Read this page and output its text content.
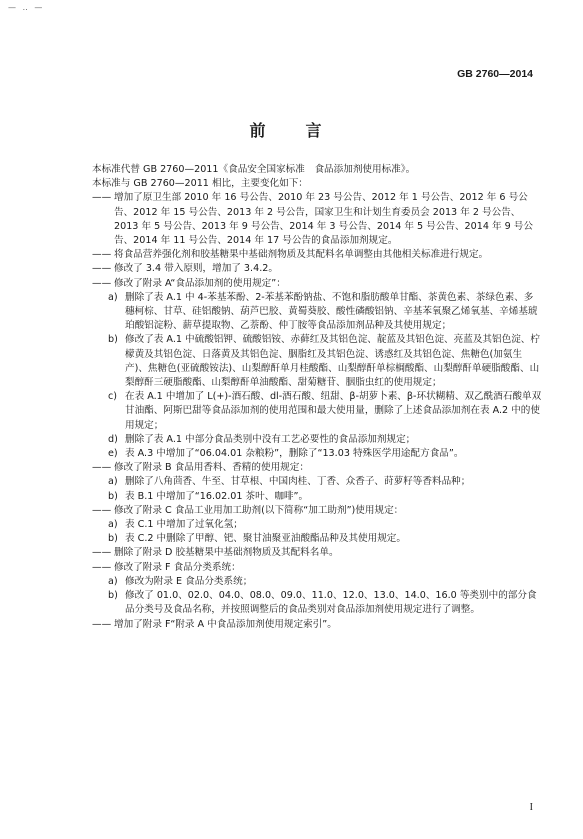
— ‥ —
GB 2760—2014
前　言

本标准代替 GB 2760—2011《食品安全国家标准　食品添加剂使用标准》。

本标准与 GB 2760—2011 相比，主要变化如下：

—— 增加了原卫生部 2010 年 16 号公告、2010 年 23 号公告、2012 年 1 号公告、2012 年 6 号公告、2012 年 15 号公告、2013 年 2 号公告，国家卫生和计划生育委员会 2013 年 2 号公告、2013 年 5 号公告、2013 年 9 号公告、2014 年 3 号公告、2014 年 5 号公告、2014 年 9 号公告、2014 年 11 号公告、2014 年 17 号公告的食品添加剂规定。

—— 将食品营养强化剂和胶基糖果中基础剂物质及其配料名单调整由其他相关标准进行规定。

—— 修改了 3.4 带入原则，增加了 3.4.2。

—— 修改了附录 A“食品添加剂的使用规定”：

a) 删除了表 A.1 中 4-苯基苯酚、2-苯基苯酚钠盐、不饱和脂肪酸单甘酯、茶黄色素、茶绿色素、多穗柯棕、甘草、硅铝酸钠、葫芦巴胶、黄蜀葵胶、酸性磷酸铝钠、辛基苯氧聚乙烯氧基、辛烯基琥珀酸铝淀粉、薪草提取物、乙萘酚、仲丁胺等食品添加剂品种及其使用规定；

b) 修改了表 A.1 中硫酸铝钾、硫酸铝铵、赤藓红及其铝色淀、靛蓝及其铝色淀、亮蓝及其铝色淀、柠檬黄及其铝色淀、日落黄及其铝色淀、胭脂红及其铝色淀、诱惑红及其铝色淀、焦糖色(加氨生产)、焦糖色(亚硫酸铵法)、山梨醇酐单月桂酸酯、山梨醇酐单棕榈酸酯、山梨醇酐单硬脂酸酯、山梨醇酐三硬脂酸酯、山梨醇酐单油酸酯、甜菊糖苷、胭脂虫红的使用规定；

c) 在表 A.1 中增加了 L(+)-酒石酸、dl-酒石酸、纽甜、β-胡萝卜素、β-环状糊精、双乙酰酒石酸单双甘油酯、阿斯巴甜等食品添加剂的使用范围和最大使用量，删除了上述食品添加剂在表 A.2 中的使用规定；

d) 删除了表 A.1 中部分食品类别中没有工艺必要性的食品添加剂规定；

e) 表 A.3 中增加了“06.04.01 杂粮粉”，删除了“13.03 特殊医学用途配方食品”。

—— 修改了附录 B 食品用香料、香精的使用规定：

a) 删除了八角茴香、牛至、甘草根、中国肉桂、丁香、众香子、莳萝籽等香料品种；

b) 表 B.1 中增加了“16.02.01 茶叶、咖啡”。

—— 修改了附录 C 食品工业用加工助剂(以下简称“加工助剂”)使用规定：

a) 表 C.1 中增加了过氧化氢；

b) 表 C.2 中删除了甲醇、钯、聚甘油聚亚油酸酯品种及其使用规定。

—— 删除了附录 D 胶基糖果中基础剂物质及其配料名单。

—— 修改了附录 F 食品分类系统：

a) 修改为附录 E 食品分类系统；

b) 修改了 01.0、02.0、04.0、08.0、09.0、11.0、12.0、13.0、14.0、16.0 等类别中的部分食品分类号及食品名称，并按照调整后的食品类别对食品添加剂使用规定进行了调整。

—— 增加了附录 F“附录 A 中食品添加剂使用规定索引”。

I
